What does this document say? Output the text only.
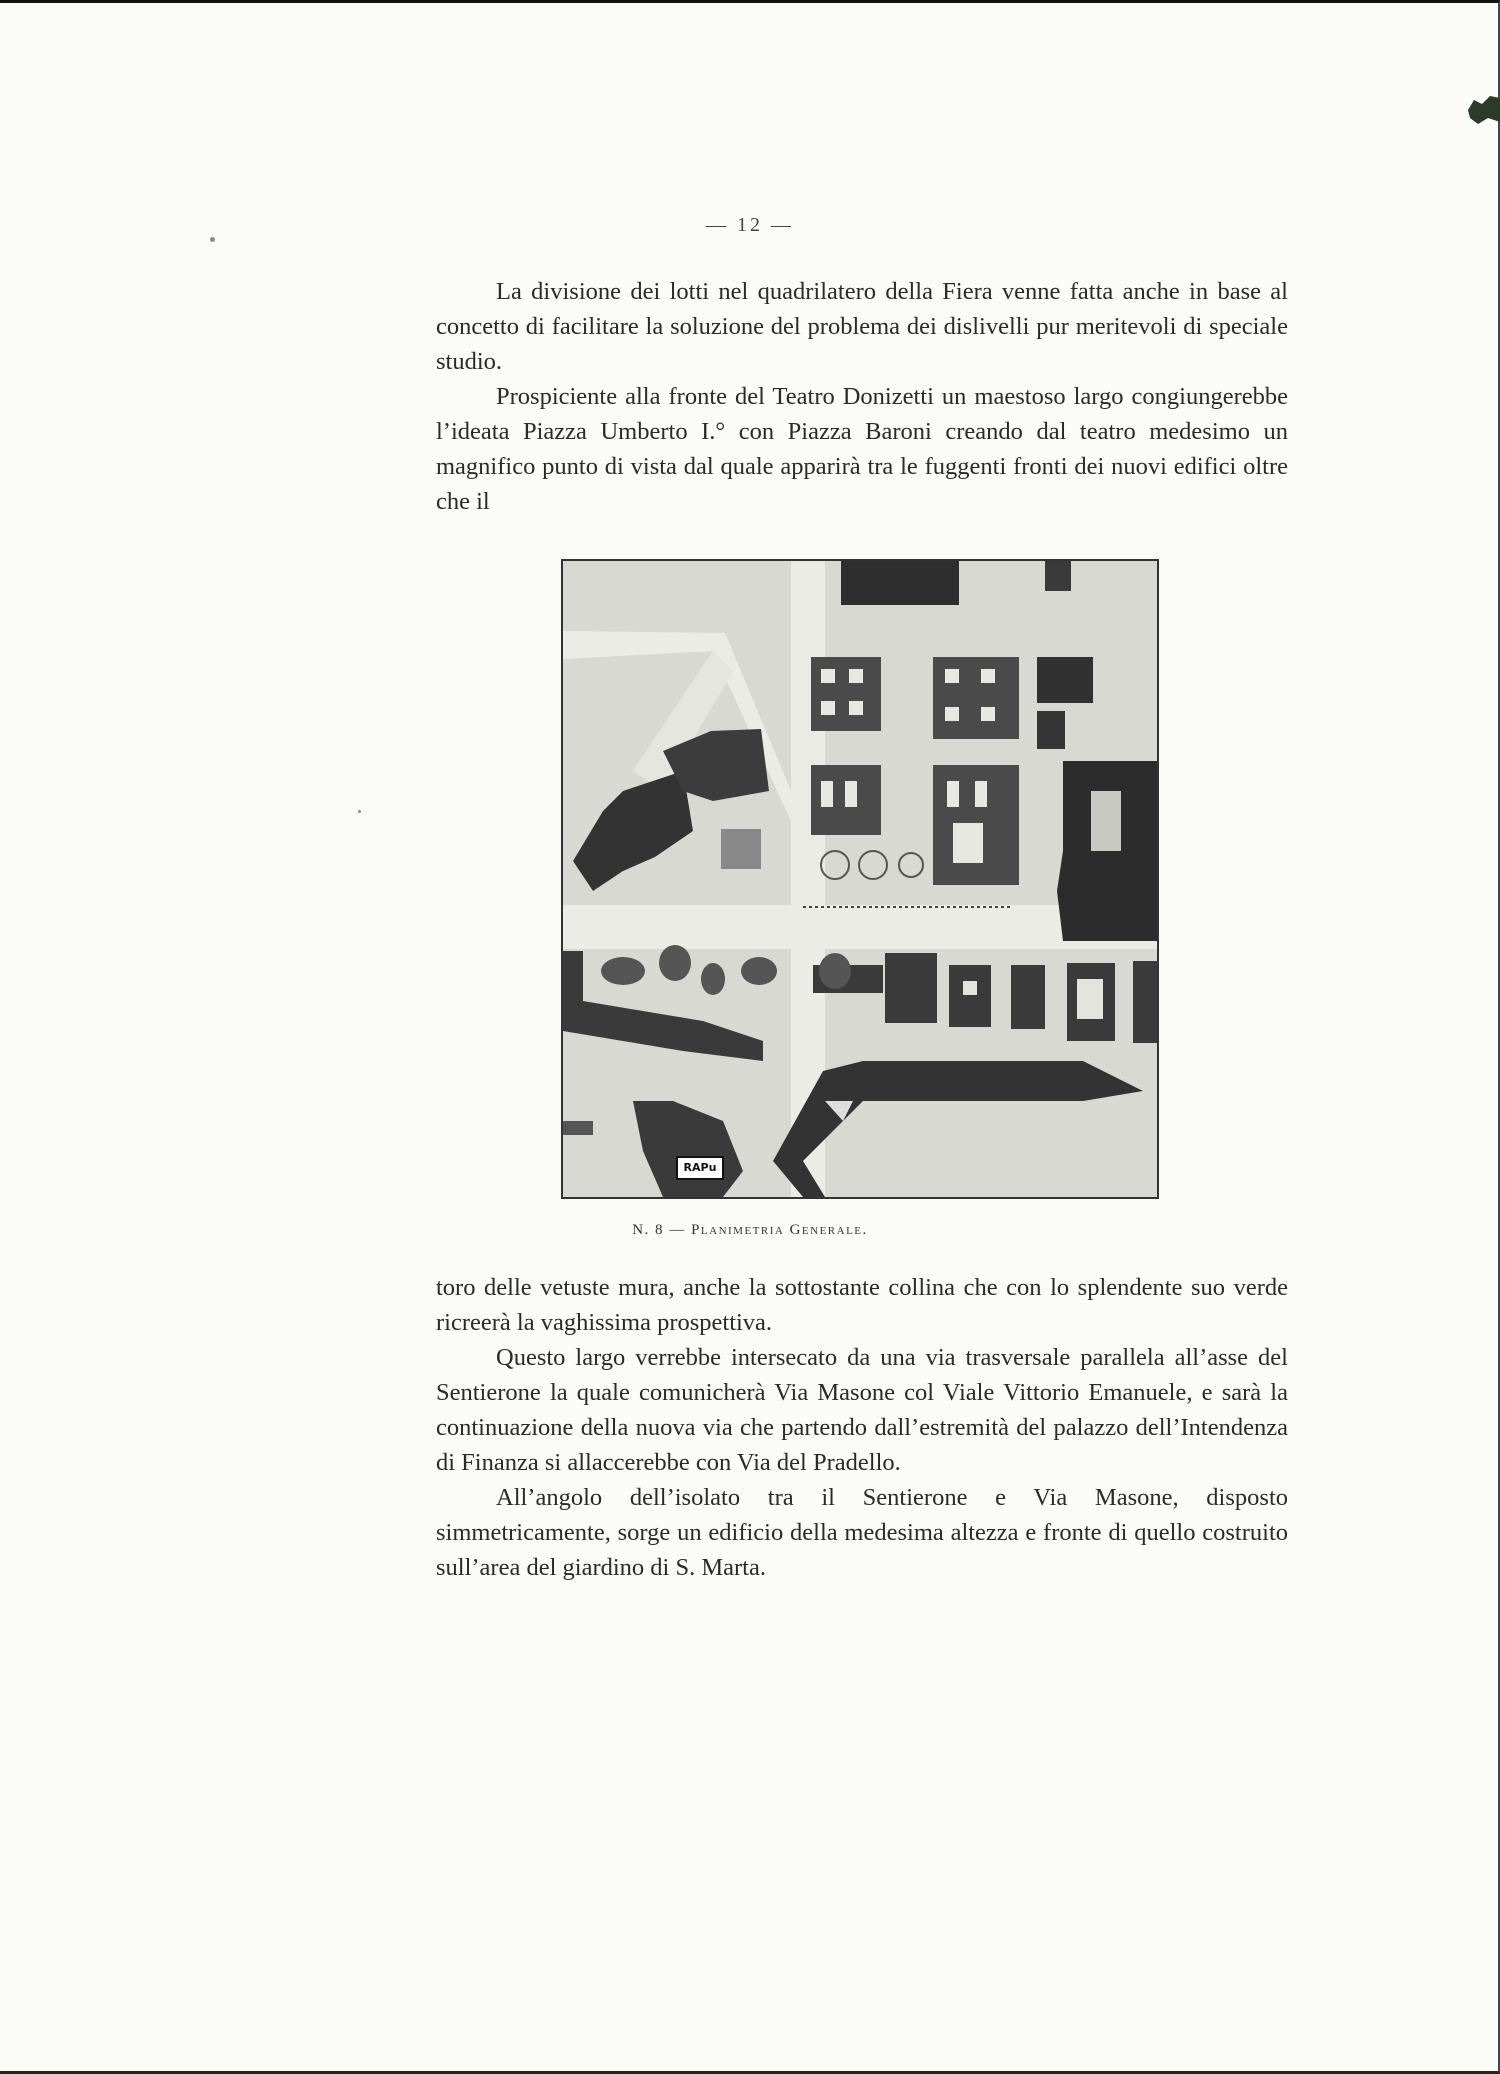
— 12 —

La divisione dei lotti nel quadrilatero della Fiera venne fatta anche in base al concetto di facilitare la soluzione del problema dei dislivelli pur meritevoli di speciale studio.

Prospiciente alla fronte del Teatro Donizetti un maestoso largo congiungerebbe l’ideata Piazza Umberto I.° con Piazza Baroni creando dal teatro medesimo un magnifico punto di vista dal quale apparirà tra le fuggenti fronti dei nuovi edifici oltre che il

RAPu
N. 8 — Planimetria Generale.

toro delle vetuste mura, anche la sottostante collina che con lo splendente suo verde ricreerà la vaghissima prospettiva.

Questo largo verrebbe intersecato da una via trasversale parallela all’asse del Sentierone la quale comunicherà Via Masone col Viale Vittorio Emanuele, e sarà la continuazione della nuova via che partendo dall’estremità del palazzo dell’Intendenza di Finanza si allaccerebbe con Via del Pradello.

All’angolo dell’isolato tra il Sentierone e Via Masone, disposto simmetricamente, sorge un edificio della medesima altezza e fronte di quello costruito sull’area del giardino di S. Marta.
